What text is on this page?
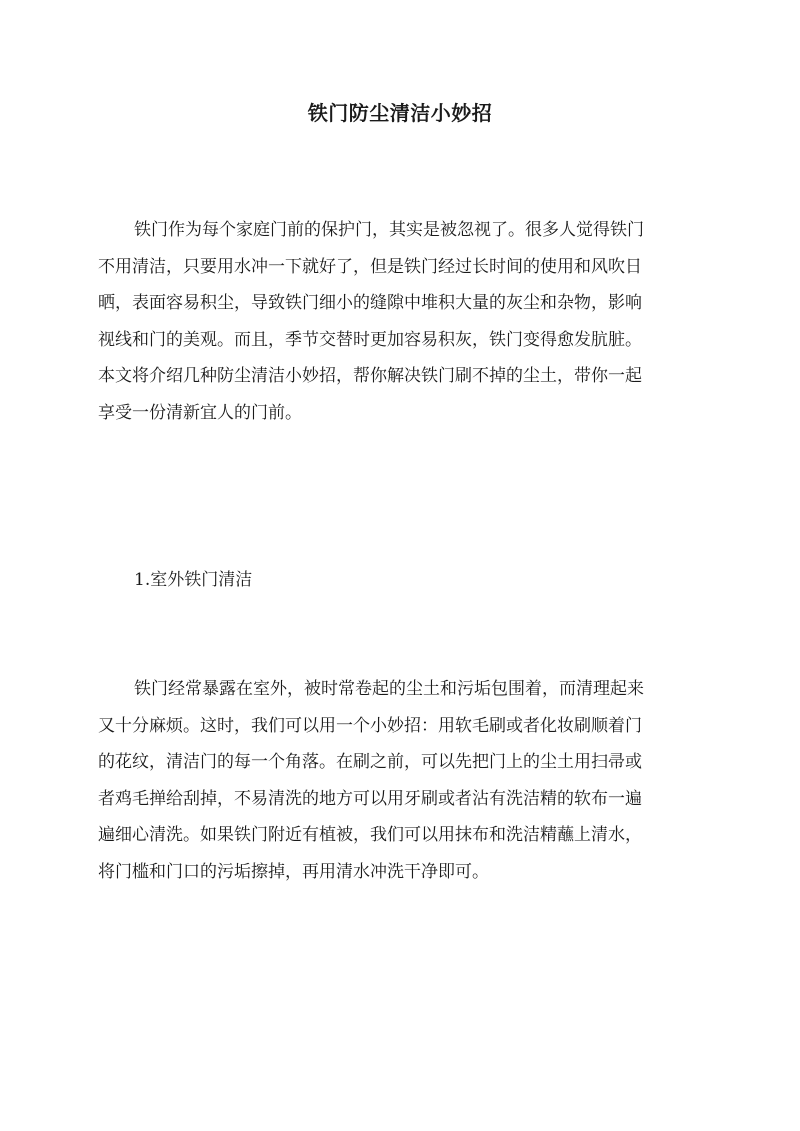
铁门防尘清洁小妙招
铁门作为每个家庭门前的保护门，其实是被忽视了。很多人觉得铁门
不用清洁，只要用水冲一下就好了，但是铁门经过长时间的使用和风吹日
晒，表面容易积尘，导致铁门细小的缝隙中堆积大量的灰尘和杂物，影响
视线和门的美观。而且，季节交替时更加容易积灰，铁门变得愈发肮脏。
本文将介绍几种防尘清洁小妙招，帮你解决铁门刷不掉的尘土，带你一起
享受一份清新宜人的门前。
1.室外铁门清洁
铁门经常暴露在室外，被时常卷起的尘土和污垢包围着，而清理起来
又十分麻烦。这时，我们可以用一个小妙招：用软毛刷或者化妆刷顺着门
的花纹，清洁门的每一个角落。在刷之前，可以先把门上的尘土用扫帚或
者鸡毛掸给刮掉，不易清洗的地方可以用牙刷或者沾有洗洁精的软布一遍
遍细心清洗。如果铁门附近有植被，我们可以用抹布和洗洁精蘸上清水，
将门槛和门口的污垢擦掉，再用清水冲洗干净即可。
